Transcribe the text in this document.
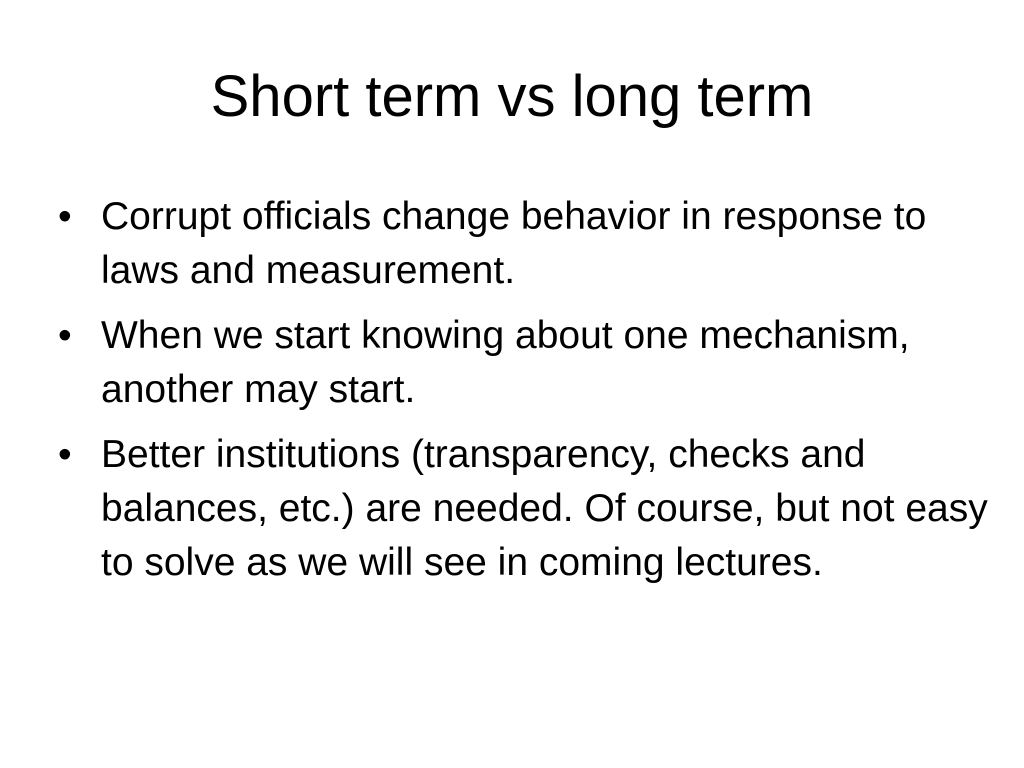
Short term vs long term
• Corrupt officials change behavior in response to laws and measurement.
• When we start knowing about one mechanism, another may start.
• Better institutions (transparency, checks and balances, etc.) are needed. Of course, but not easy to solve as we will see in coming lectures.
